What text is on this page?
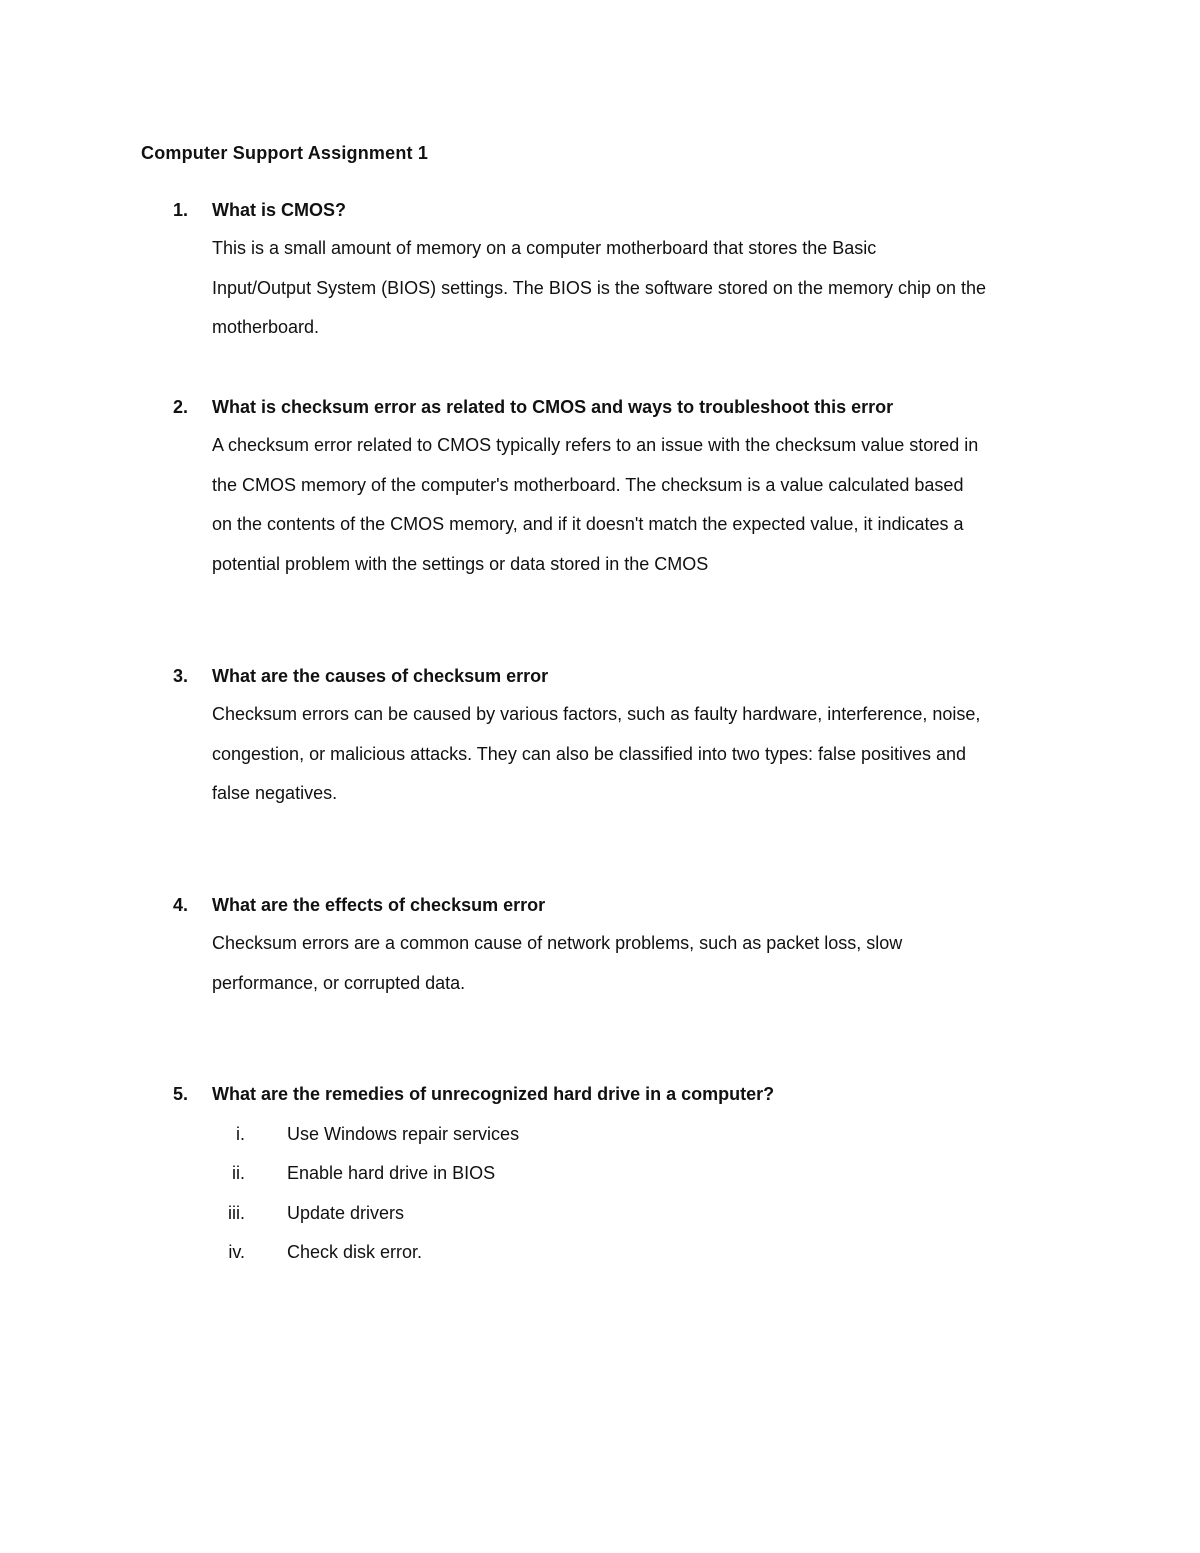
Computer Support Assignment 1
1. What is CMOS?
This is a small amount of memory on a computer motherboard that stores the Basic
Input/Output System (BIOS) settings. The BIOS is the software stored on the memory chip on the
motherboard.
2. What is checksum error as related to CMOS and ways to troubleshoot this error
A checksum error related to CMOS typically refers to an issue with the checksum value stored in
the CMOS memory of the computer's motherboard. The checksum is a value calculated based
on the contents of the CMOS memory, and if it doesn't match the expected value, it indicates a
potential problem with the settings or data stored in the CMOS
3. What are the causes of checksum error
Checksum errors can be caused by various factors, such as faulty hardware, interference, noise,
congestion, or malicious attacks. They can also be classified into two types: false positives and
false negatives.
4. What are the effects of checksum error
Checksum errors are a common cause of network problems, such as packet loss, slow
performance, or corrupted data.
5. What are the remedies of unrecognized hard drive in a computer?
i. Use Windows repair services
ii. Enable hard drive in BIOS
iii. Update drivers
iv. Check disk error.
